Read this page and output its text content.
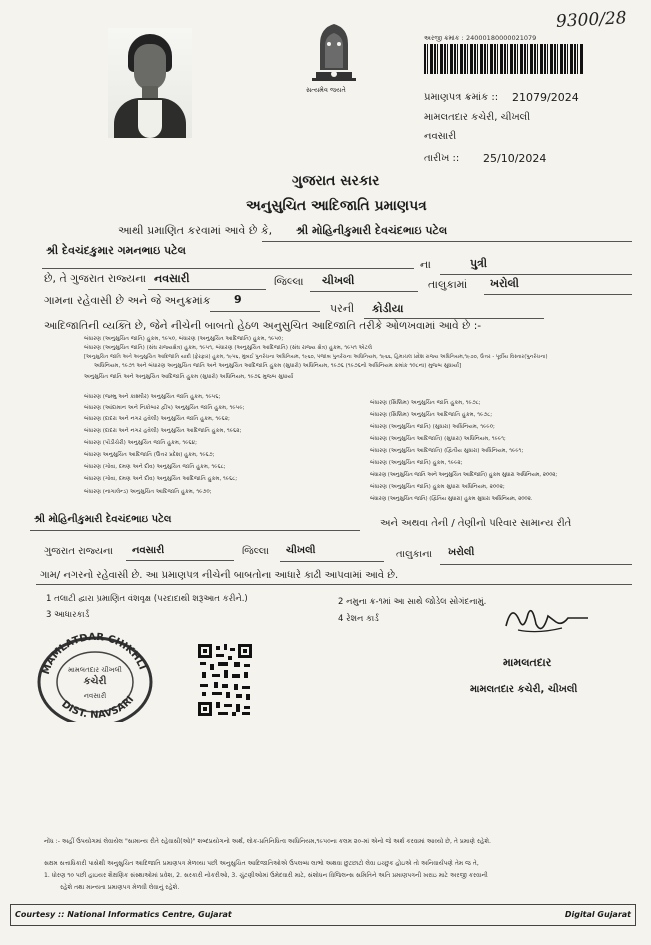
9300/28
સત્યમેવ જયતે
અરજી ક્રમાંક : 24000180000021079
પ્રમાણપત્ર ક્રમાંક :: 21079/2024
મામલતદાર કચેરી, ચીખલી
નવસારી
તારીખ :: 25/10/2024
ગુજરાત સરકાર
અનુસુચિત આદિજાતિ પ્રમાણપત્ર
આથી પ્રમાણિત કરવામાં આવે છે કે, શ્રી મોહિનીકુમારી દેવચંદભાઇ પટેલ
શ્રી દેવચંદકુમાર ગમનભાઇ પટેલ
ના	પુત્રી
છે, તે ગુજરાત રાજ્યના નવસારી	જિલ્લા ચીખલી	તાલુકામાં ખરોલી
ગામના રહેવાસી છે અને જે અનુક્રમાંક 9
પરની કોડીયા
આદિજાતિની વ્યક્તિ છે, જેને નીચેની બાબતો હેઠળ અનુસુચિત આદિજાતિ તરીકે ઓળખવામાં આવે છે :-
બંધારણ (અનુસુચિત જાતિ) હુકમ, ૧૯૫૦, બંધારણ (અનુસુચિત આદિજાતિ) હુકમ, ૧૯૫૦;
બંધારણ (અનુસુચિત જાતિ) (સંઘ રાજ્યક્ષેત્ર) હુકમ, ૧૯૫૧, બંધારણ (અનુસુચિત આદિજાતિ) (સંઘ રાજ્ય ક્ષેત્ર) હુકમ, ૧૯૫૧ એટલે
[અનુસુચિત જાતિ અને અનુસુચિત આદિજાતિ યાદી (ફેરફાર) હુકમ, ૧૯૫૬, મુંબઈ પુનર્રચના અધિનિયમ, ૧૯૬૦, પંજાબ પુનર્રચના અધિનિયમ, ૧૯૬૬, હિમાચલ પ્રદેશ રાજ્ય અધિનિયમ,૧૯૭૦, ઉત્તર - પૂર્વીય વિસ્તાર(પુનર્રચના)
અધિનિયમ, ૧૯૭૧ અને બંધારણ અનુસુચિત જાતિ અને અનુસુચિત આદિજાતિ હુકમ (સુધારો) અધિનિયમ, ૧૯૭૬ (૧૯૭૬નો અધિનિયમ ક્રમાંક ૧૦૮ના) મુજબ સુધાર્યા]
અનુસુચિત જાતિ અને અનુસુચિત આદિજાતિ હુકમ (સુધારો) અધિનિયમ, ૧૯૭૬ મુજબ સુધાર્યા
બંધારણ (જમ્મુ અને કાશ્મીર) અનુસુચિત જાતિ હુકમ, ૧૯૫૬;
બંધારણ (આંદામાન અને નિકોબાર દ્વીપ) અનુસુચિત જાતિ હુકમ, ૧૯૫૯;
બંધારણ (દાદરા અને નગર હવેલી) અનુસુચિત જાતિ હુકમ, ૧૯૬૨;
બંધારણ (દાદરા અને નગર હવેલી) અનુસુચિત આદિજાતિ હુકમ, ૧૯૬૨;
બંધારણ (પોંડીચેરી) અનુસુચિત જાતિ હુકમ, ૧૯૬૪;
બંધારણ અનુસુચિત આદિજાતિ (ઉત્તર પ્રદેશ) હુકમ, ૧૯૬૭;
બંધારણ (ગોવા, દમણ અને દીવ) અનુસુચિત જાતિ હુકમ, ૧૯૬૮;
બંધારણ (ગોવા, દમણ અને દીવ) અનુસુચિત આદિજાતિ હુકમ, ૧૯૬૮;
બંધારણ (નાગાલેન્ડ) અનુસુચિત આદિજાતિ હુકમ, ૧૯૭૦;
બંધારણ (સિક્કિમ) અનુસુચિત જાતિ હુકમ, ૧૯૭૮;
બંધારણ (સિક્કિમ) અનુસુચિત આદિજાતિ હુકમ, ૧૯૭૮;
બંધારણ (અનુસુચિત જાતિ) (સુધારા) અધિનિયમ, ૧૯૯૦;
બંધારણ (અનુસુચિત આદિજાતિ) (સુધારા) અધિનિયમ, ૧૯૯૧;
બંધારણ (અનુસુચિત આદિજાતિ) (દ્વિતીય સુધારા) અધિનિયમ, ૧૯૯૧;
બંધારણ (અનુસુચિત જાતિ) હુકમ, ૧૯૯૨;
બંધારણ (અનુસુચિત જાતિ અને અનુસુચિત આદિજાતિ) હુકમ સુધારા અધિનિયમ, ૨૦૦૨;
બંધારણ (અનુસુચિત જાતિ) હુકમ સુધારા અધિનિયમ, ૨૦૦૨;
બંધારણ (અનુસુચિત જાતિ) (દ્વિતિય સુધારા) હુકમ સુધારા અધિનિયમ, ૨૦૦૨.
શ્રી મોહિનીકુમારી દેવચંદભાઇ પટેલ	અને અથવા તેની / તેણીનો પરિવાર સામાન્ય રીતે
ગુજરાત રાજ્યના નવસારી	જિલ્લા ચીખલી	તાલુકાના ખરોલી
ગામ/ નગરનો રહેવાસી છે. આ પ્રમાણપત્ર નીચેની બાબતોના આધારે કાઢી આપવામાં આવે છે.
1 તલાટી દ્વારા પ્રમાણિત વંશવૃક્ષ (પરદાદાથી શરૂઆત કરીને.)	2 નમુના ક્ર-૧માં આ સાથે જોડેલ સોગંદનામું.
3 આધારકાર્ડ	4 રેશન કાર્ડ
MAMLATDAR CHIKHLI
DIST. NAVSARI
મામલતદાર ચીખલી
કચેરી
નવસારી
મામલતદાર
મામલતદાર કચેરી, ચીખલી
નોંધ :- અહીં ઉપયોગમાં લેવાયેલ "સામાન્ય રીતે રહેવાસી(ઓ)" શબ્દપ્રયોગનો અર્થ, લોક-પ્રતિનિધિત્વ અધિનિયમ,૧૯૫૦ના કલમ ૨૦-માં એનો જે અર્થ કરવામાં આવ્યો છે, તે પ્રમાણે રહેશે.
સક્ષમ સત્તાધિકારી પાસેથી અનુસુચિત આદિજાતિ પ્રમાણપત્ર મેળવ્યા પછી અનુસુચિત આદિજાતિઓએ ઉપલબ્ધ લાભો અથવા છુટછાટો લેવા ઇચ્છુક હોઇએ તો અનિવાર્યપણે તેમ જ તે,
1. ધોરણ ૧૦ પછી હાઇયર શૈક્ષણિક સંસ્થાઓમાં પ્રવેશ, 2. સરકારી નોકરીઓ, 3. ચુંટણીઓમાં ઉમેદવારી માટે, સંશોધન વિજિલન્સ સમિતિને અતિ પ્રમાણપત્રની ખરાઇ માટે અરજી કરવાની
રહેશે તથા માન્યતા પ્રમાણપત્ર મેળવી લેવાનું રહેશે.
Courtesy :: National Informatics Centre, Gujarat	Digital Gujarat
